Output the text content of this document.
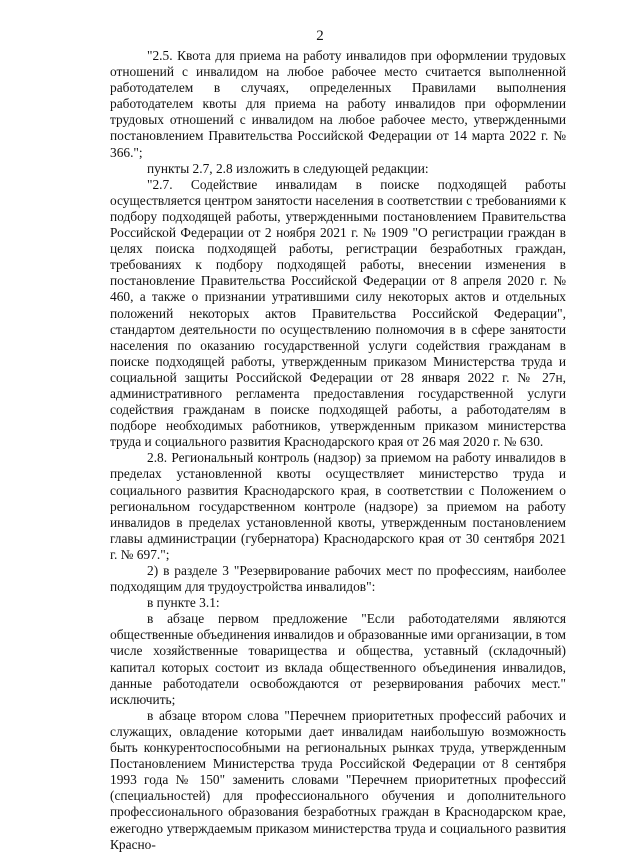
2

"2.5. Квота для приема на работу инвалидов при оформлении трудовых отношений с инвалидом на любое рабочее место считается выполненной работодателем в случаях, определенных Правилами выполнения работодателем квоты для приема на работу инвалидов при оформлении трудовых отношений с инвалидом на любое рабочее место, утвержденными постановлением Правительства Российской Федерации от 14 марта 2022 г. № 366.";

пункты 2.7, 2.8 изложить в следующей редакции:

"2.7. Содействие инвалидам в поиске подходящей работы осуществляется центром занятости населения в соответствии с требованиями к подбору подходящей работы, утвержденными постановлением Правительства Российской Федерации от 2 ноября 2021 г. № 1909 "О регистрации граждан в целях поиска подходящей работы, регистрации безработных граждан, требованиях к подбору подходящей работы, внесении изменения в постановление Правительства Российской Федерации от 8 апреля 2020 г. № 460, а также о признании утратившими силу некоторых актов и отдельных положений некоторых актов Правительства Российской Федерации", стандартом деятельности по осуществлению полномочия в в сфере занятости населения по оказанию государственной услуги содействия гражданам в поиске подходящей работы, утвержденным приказом Министерства труда и социальной защиты Российской Федерации от 28 января 2022 г. № 27н, административного регламента предоставления государственной услуги содействия гражданам в поиске подходящей работы, а работодателям в подборе необходимых работников, утвержденным приказом министерства труда и социального развития Краснодарского края от 26 мая 2020 г. № 630.

2.8. Региональный контроль (надзор) за приемом на работу инвалидов в пределах установленной квоты осуществляет министерство труда и социального развития Краснодарского края, в соответствии с Положением о региональном государственном контроле (надзоре) за приемом на работу инвалидов в пределах установленной квоты, утвержденным постановлением главы администрации (губернатора) Краснодарского края от 30 сентября 2021 г. № 697.";

2) в разделе 3 "Резервирование рабочих мест по профессиям, наиболее подходящим для трудоустройства инвалидов":

в пункте 3.1:

в абзаце первом предложение "Если работодателями являются общественные объединения инвалидов и образованные ими организации, в том числе хозяйственные товарищества и общества, уставный (складочный) капитал которых состоит из вклада общественного объединения инвалидов, данные работодатели освобождаются от резервирования рабочих мест." исключить;

в абзаце втором слова "Перечнем приоритетных профессий рабочих и служащих, овладение которыми дает инвалидам наибольшую возможность быть конкурентоспособными на региональных рынках труда, утвержденным Постановлением Министерства труда Российской Федерации от 8 сентября 1993 года № 150" заменить словами "Перечнем приоритетных профессий (специальностей) для профессионального обучения и дополнительного профессионального образования безработных граждан в Краснодарском крае, ежегодно утверждаемым приказом министерства труда и социального развития Красно-
